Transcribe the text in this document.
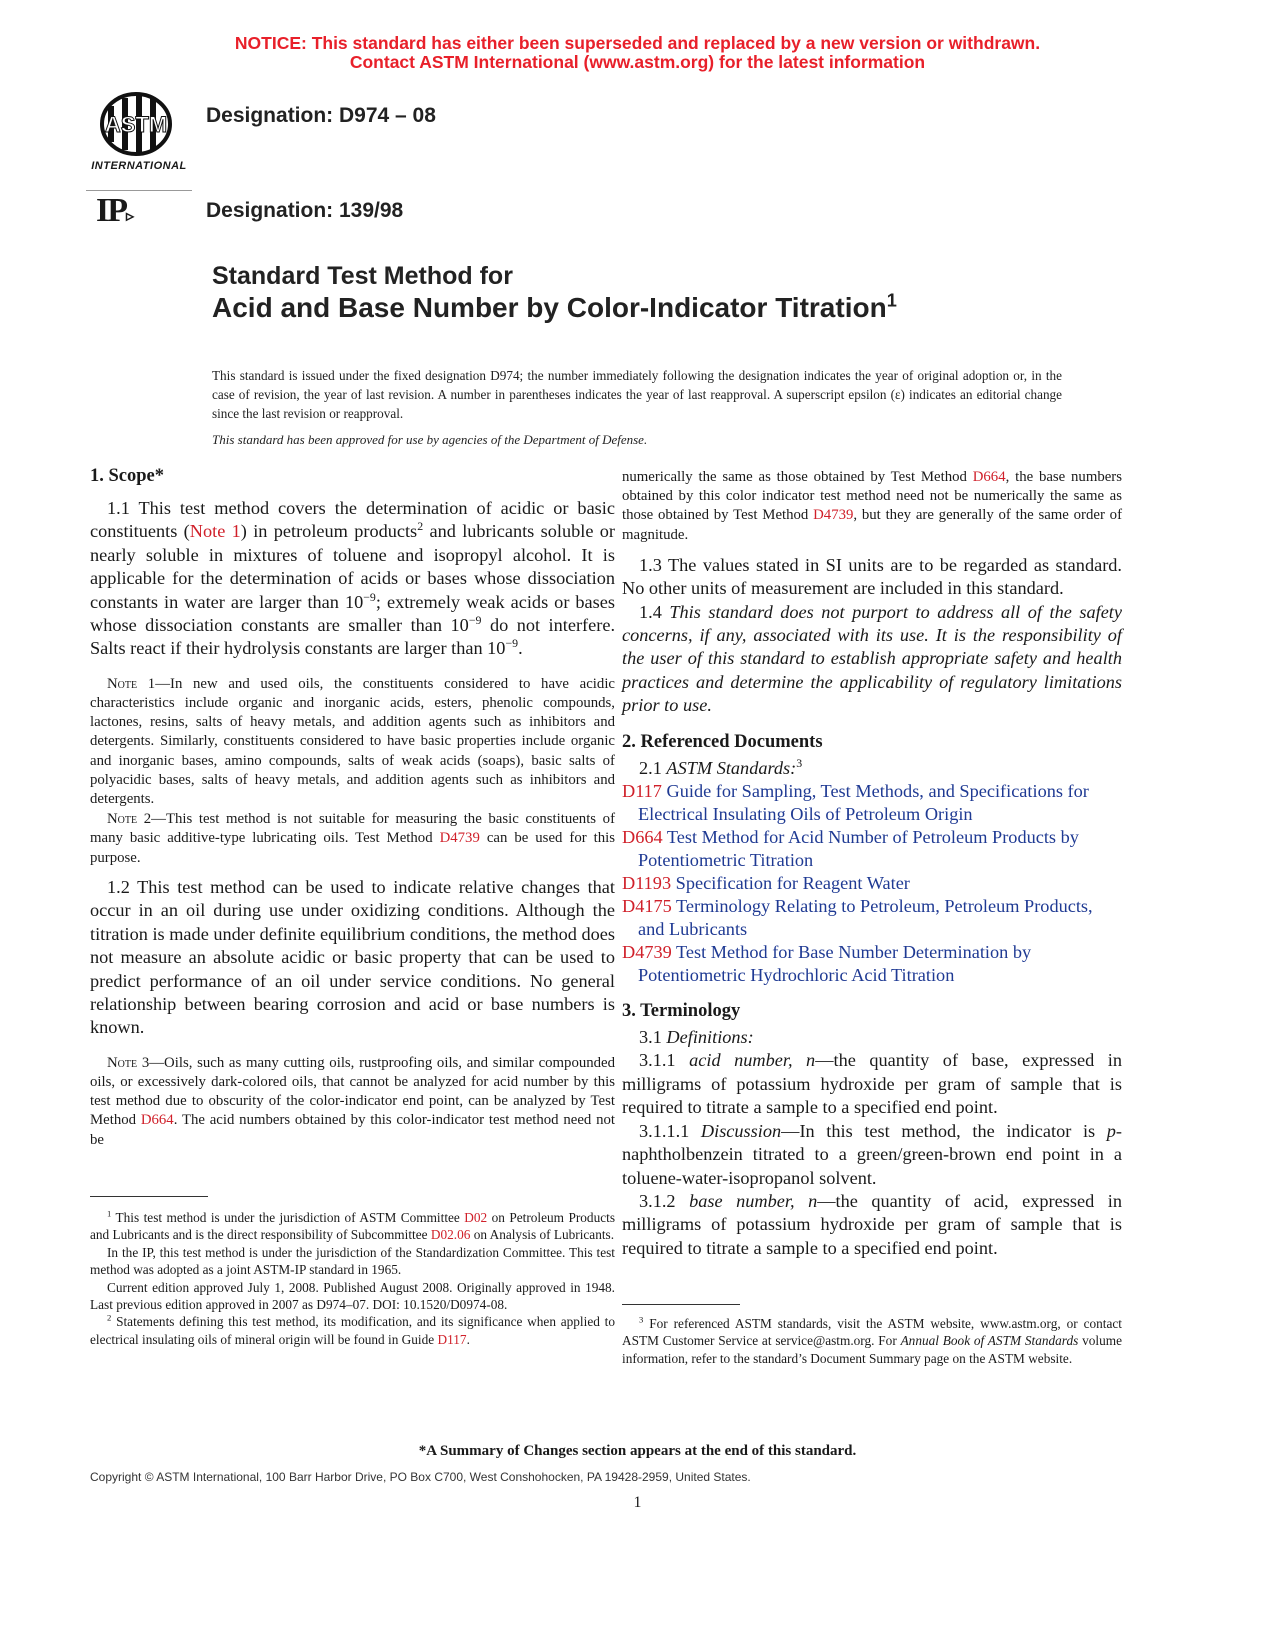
NOTICE: This standard has either been superseded and replaced by a new version or withdrawn.
Contact ASTM International (www.astm.org) for the latest information
ASTM
INTERNATIONAL
IP▹
Designation: D974 – 08
Designation: 139/98
Standard Test Method for
Acid and Base Number by Color-Indicator Titration$^1$
This standard is issued under the fixed designation D974; the number immediately following the designation indicates the year of original adoption or, in the case of revision, the year of last revision. A number in parentheses indicates the year of last reapproval. A superscript epsilon (ε) indicates an editorial change since the last revision or reapproval.
This standard has been approved for use by agencies of the Department of Defense.

1. Scope*

1.1 This test method covers the determination of acidic or basic constituents (Note 1) in petroleum products$^2$ and lubricants soluble or nearly soluble in mixtures of toluene and isopropyl alcohol. It is applicable for the determination of acids or bases whose dissociation constants in water are larger than $10^{-9}$; extremely weak acids or bases whose dissociation constants are smaller than $10^{-9}$ do not interfere. Salts react if their hydrolysis constants are larger than $10^{-9}$.

Note 1—In new and used oils, the constituents considered to have acidic characteristics include organic and inorganic acids, esters, phenolic compounds, lactones, resins, salts of heavy metals, and addition agents such as inhibitors and detergents. Similarly, constituents considered to have basic properties include organic and inorganic bases, amino compounds, salts of weak acids (soaps), basic salts of polyacidic bases, salts of heavy metals, and addition agents such as inhibitors and detergents.

Note 2—This test method is not suitable for measuring the basic constituents of many basic additive-type lubricating oils. Test Method D4739 can be used for this purpose.

1.2 This test method can be used to indicate relative changes that occur in an oil during use under oxidizing conditions. Although the titration is made under definite equilibrium conditions, the method does not measure an absolute acidic or basic property that can be used to predict performance of an oil under service conditions. No general relationship between bearing corrosion and acid or base numbers is known.

Note 3—Oils, such as many cutting oils, rustproofing oils, and similar compounded oils, or excessively dark-colored oils, that cannot be analyzed for acid number by this test method due to obscurity of the color-indicator end point, can be analyzed by Test Method D664. The acid numbers obtained by this color-indicator test method need not be

$^1$ This test method is under the jurisdiction of ASTM Committee D02 on Petroleum Products and Lubricants and is the direct responsibility of Subcommittee D02.06 on Analysis of Lubricants.

In the IP, this test method is under the jurisdiction of the Standardization Committee. This test method was adopted as a joint ASTM-IP standard in 1965.

Current edition approved July 1, 2008. Published August 2008. Originally approved in 1948. Last previous edition approved in 2007 as D974–07. DOI: 10.1520/D0974-08.

$^2$ Statements defining this test method, its modification, and its significance when applied to electrical insulating oils of mineral origin will be found in Guide D117.

numerically the same as those obtained by Test Method D664, the base numbers obtained by this color indicator test method need not be numerically the same as those obtained by Test Method D4739, but they are generally of the same order of magnitude.

1.3 The values stated in SI units are to be regarded as standard. No other units of measurement are included in this standard.

1.4 This standard does not purport to address all of the safety concerns, if any, associated with its use. It is the responsibility of the user of this standard to establish appropriate safety and health practices and determine the applicability of regulatory limitations prior to use.

2. Referenced Documents

2.1 ASTM Standards:$^3$

D117 Guide for Sampling, Test Methods, and Specifications for Electrical Insulating Oils of Petroleum Origin

D664 Test Method for Acid Number of Petroleum Products by Potentiometric Titration

D1193 Specification for Reagent Water

D4175 Terminology Relating to Petroleum, Petroleum Products, and Lubricants

D4739 Test Method for Base Number Determination by Potentiometric Hydrochloric Acid Titration

3. Terminology

3.1 Definitions:

3.1.1 acid number, n—the quantity of base, expressed in milligrams of potassium hydroxide per gram of sample that is required to titrate a sample to a specified end point.

3.1.1.1 Discussion—In this test method, the indicator is p-naphtholbenzein titrated to a green/green-brown end point in a toluene-water-isopropanol solvent.

3.1.2 base number, n—the quantity of acid, expressed in milligrams of potassium hydroxide per gram of sample that is required to titrate a sample to a specified end point.

$^3$ For referenced ASTM standards, visit the ASTM website, www.astm.org, or contact ASTM Customer Service at service@astm.org. For Annual Book of ASTM Standards volume information, refer to the standard’s Document Summary page on the ASTM website.

*A Summary of Changes section appears at the end of this standard.
Copyright © ASTM International, 100 Barr Harbor Drive, PO Box C700, West Conshohocken, PA 19428-2959, United States.
1
